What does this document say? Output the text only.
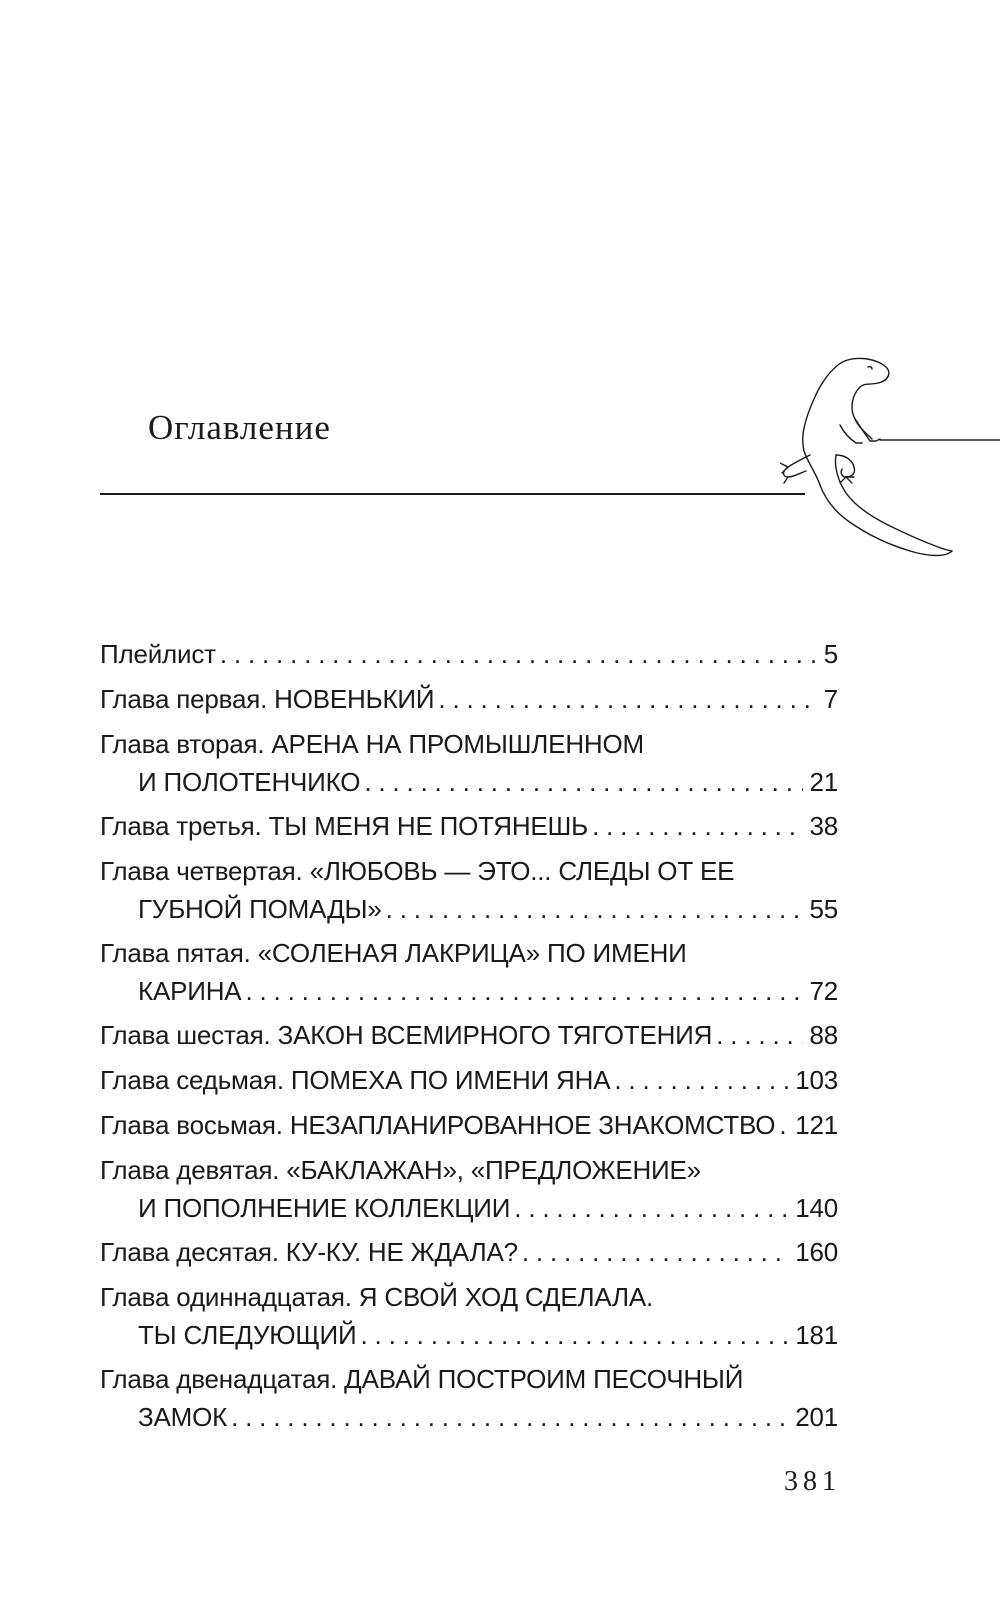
Оглавление
Плейлист . . .	5
Глава первая. НОВЕНЬКИЙ . . .	7
Глава вторая. АРЕНА НА ПРОМЫШЛЕННОМ
И ПОЛОТЕНЧИКО . . .	21
Глава третья. ТЫ МЕНЯ НЕ ПОТЯНЕШЬ . . .	38
Глава четвертая. «ЛЮБОВЬ — ЭТО... СЛЕДЫ ОТ ЕЕ
ГУБНОЙ ПОМАДЫ» . . .	55
Глава пятая. «СОЛЕНАЯ ЛАКРИЦА» ПО ИМЕНИ
КАРИНА . . .	72
Глава шестая. ЗАКОН ВСЕМИРНОГО ТЯГОТЕНИЯ . . .	88
Глава седьмая. ПОМЕХА ПО ИМЕНИ ЯНА . . .	103
Глава восьмая. НЕЗАПЛАНИРОВАННОЕ ЗНАКОМСТВО . . . 121
Глава девятая. «БАКЛАЖАН», «ПРЕДЛОЖЕНИЕ»
И ПОПОЛНЕНИЕ КОЛЛЕКЦИИ . . .	140
Глава десятая. КУ-КУ. НЕ ЖДАЛА? . . .	160
Глава одиннадцатая. Я СВОЙ ХОД СДЕЛАЛА.
ТЫ СЛЕДУЮЩИЙ . . .	181
Глава двенадцатая. ДАВАЙ ПОСТРОИМ ПЕСОЧНЫЙ
ЗАМОК . . .	201
381
